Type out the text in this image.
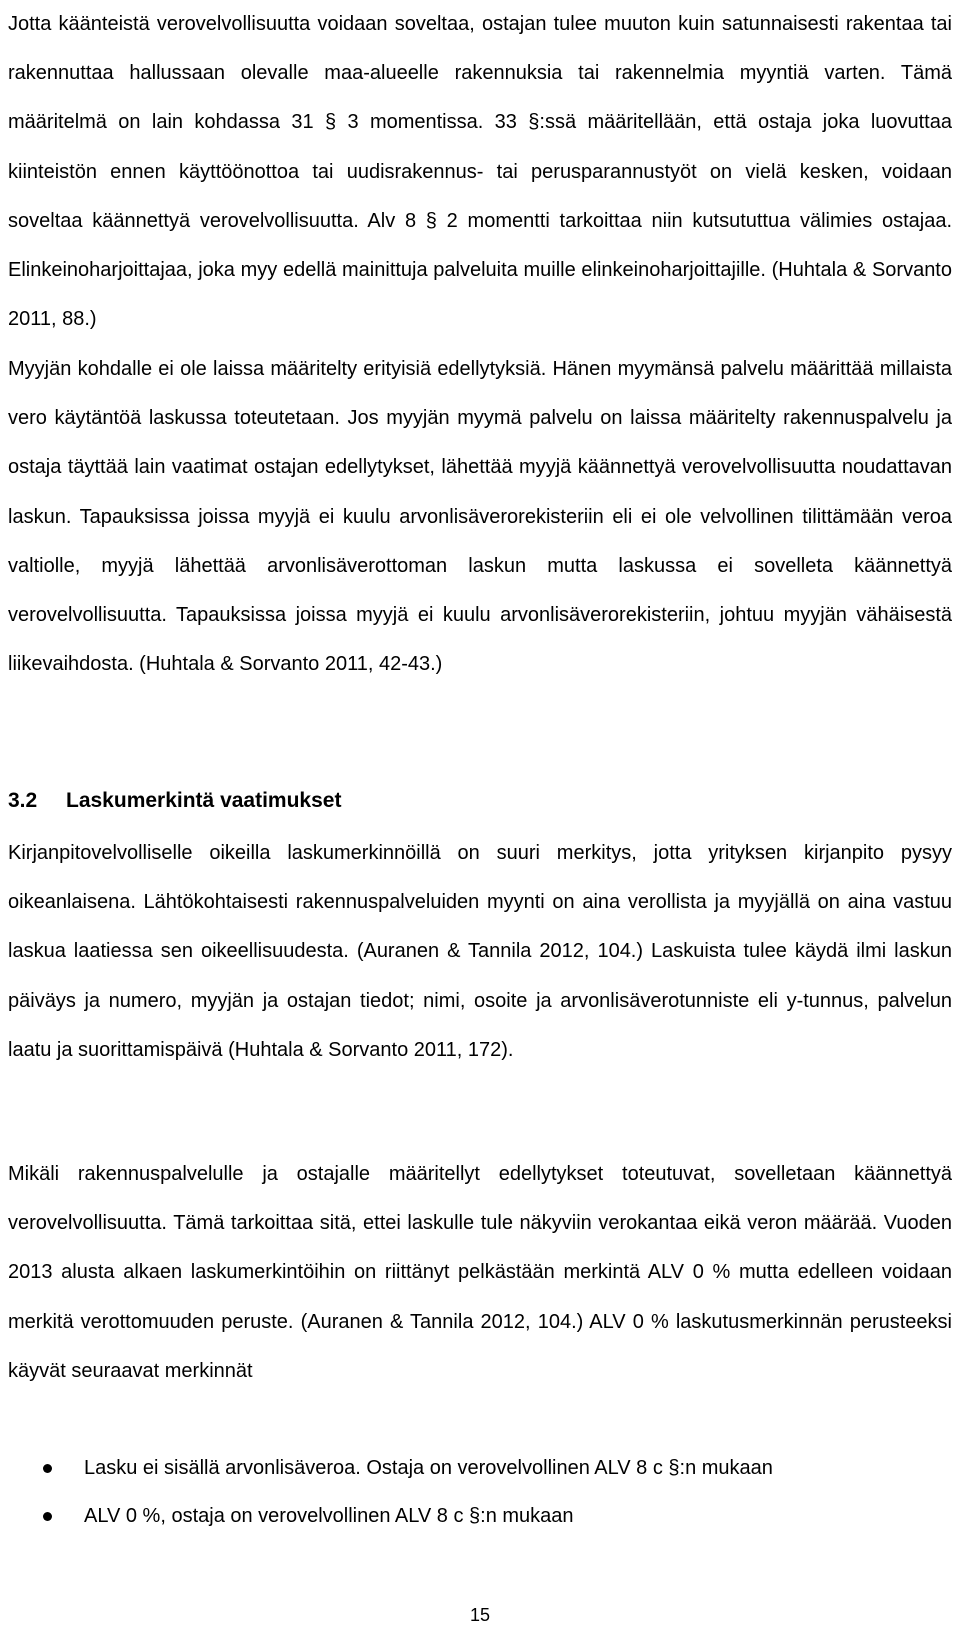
Jotta käänteistä verovelvollisuutta voidaan soveltaa, ostajan tulee muuton kuin satunnaisesti rakentaa tai rakennuttaa hallussaan olevalle maa-alueelle rakennuksia tai rakennelmia myyntiä varten. Tämä määritelmä on lain kohdassa 31 § 3 momentissa. 33 §:ssä määritellään, että ostaja joka luovuttaa kiinteistön ennen käyttöönottoa tai uudisrakennus- tai perusparannustyöt on vielä kesken, voidaan soveltaa käännettyä verovelvollisuutta. Alv 8 § 2 momentti tarkoittaa niin kutsututtua välimies ostajaa. Elinkeinoharjoittajaa, joka myy edellä mainittuja palveluita muille elinkeinoharjoittajille. (Huhtala & Sorvanto 2011, 88.)

Myyjän kohdalle ei ole laissa määritelty erityisiä edellytyksiä. Hänen myymänsä palvelu määrittää millaista vero käytäntöä laskussa toteutetaan. Jos myyjän myymä palvelu on laissa määritelty rakennuspalvelu ja ostaja täyttää lain vaatimat ostajan edellytykset, lähettää myyjä käännettyä verovelvollisuutta noudattavan laskun. Tapauksissa joissa myyjä ei kuulu arvonlisäverorekisteriin eli ei ole velvollinen tilittämään veroa valtiolle, myyjä lähettää arvonlisäverottoman laskun mutta laskussa ei sovelleta käännettyä verovelvollisuutta. Tapauksissa joissa myyjä ei kuulu arvonlisäverorekisteriin, johtuu myyjän vähäisestä liikevaihdosta. (Huhtala & Sorvanto 2011, 42-43.)

3.2 Laskumerkintä vaatimukset

Kirjanpitovelvolliselle oikeilla laskumerkinnöillä on suuri merkitys, jotta yrityksen kirjanpito pysyy oikeanlaisena. Lähtökohtaisesti rakennuspalveluiden myynti on aina verollista ja myyjällä on aina vastuu laskua laatiessa sen oikeellisuudesta. (Auranen & Tannila 2012, 104.) Laskuista tulee käydä ilmi laskun päiväys ja numero, myyjän ja ostajan tiedot; nimi, osoite ja arvonlisäverotunniste eli y-tunnus, palvelun laatu ja suorittamispäivä (Huhtala & Sorvanto 2011, 172).

Mikäli rakennuspalvelulle ja ostajalle määritellyt edellytykset toteutuvat, sovelletaan käännettyä verovelvollisuutta. Tämä tarkoittaa sitä, ettei laskulle tule näkyviin verokantaa eikä veron määrää. Vuoden 2013 alusta alkaen laskumerkintöihin on riittänyt pelkästään merkintä ALV 0 % mutta edelleen voidaan merkitä verottomuuden peruste. (Auranen & Tannila 2012, 104.) ALV 0 % laskutusmerkinnän perusteeksi käyvät seuraavat merkinnät

Lasku ei sisällä arvonlisäveroa. Ostaja on verovelvollinen ALV 8 c §:n mukaan
ALV 0 %, ostaja on verovelvollinen ALV 8 c §:n mukaan
15
